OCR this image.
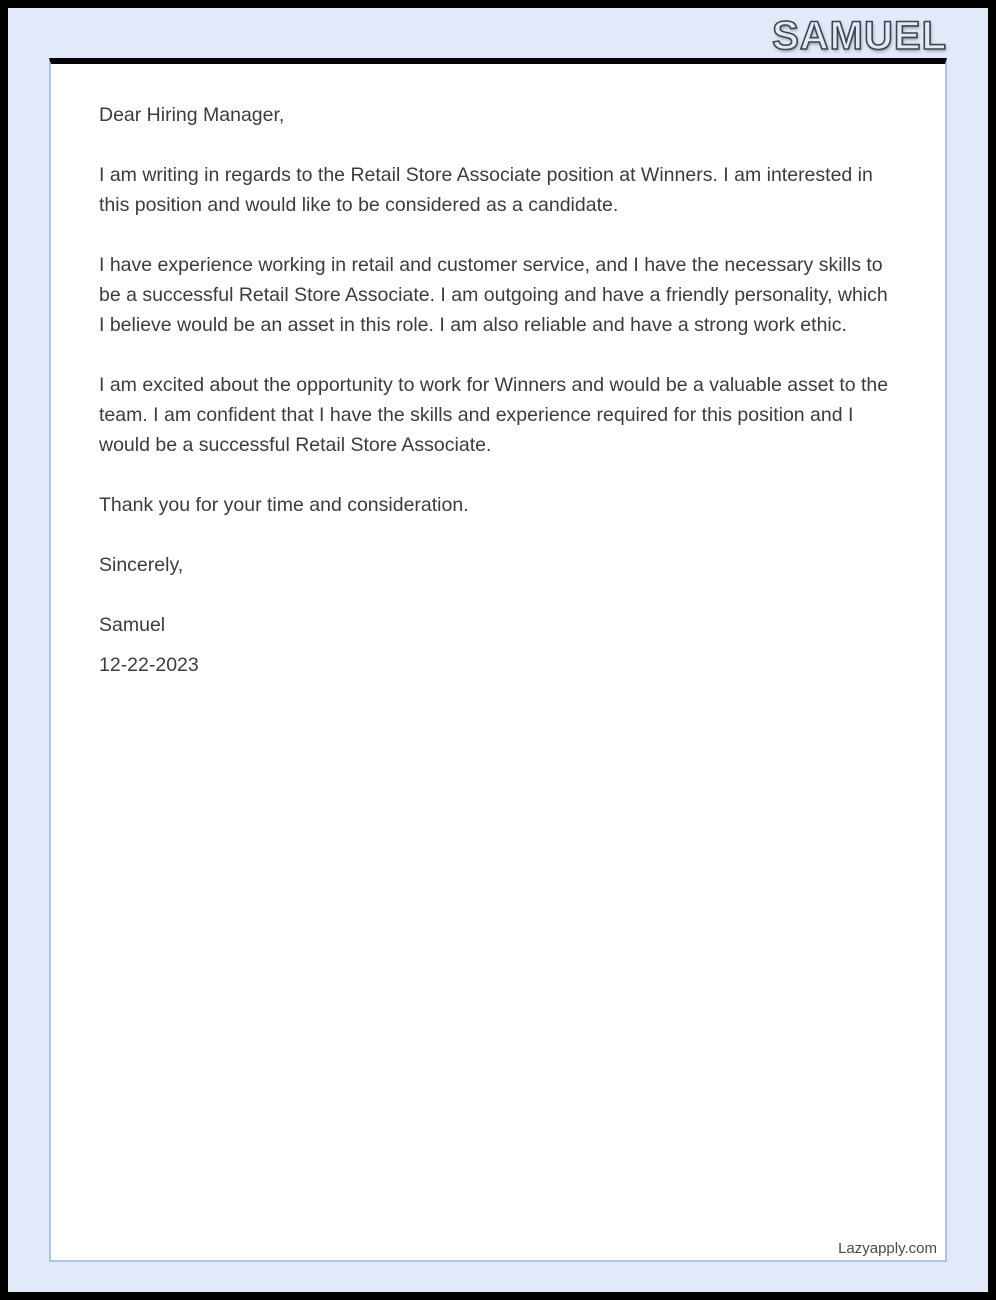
SAMUEL

Dear Hiring Manager,

I am writing in regards to the Retail Store Associate position at Winners. I am interested in this position and would like to be considered as a candidate.

I have experience working in retail and customer service, and I have the necessary skills to be a successful Retail Store Associate. I am outgoing and have a friendly personality, which I believe would be an asset in this role. I am also reliable and have a strong work ethic.

I am excited about the opportunity to work for Winners and would be a valuable asset to the team. I am confident that I have the skills and experience required for this position and I would be a successful Retail Store Associate.

Thank you for your time and consideration.

Sincerely,

Samuel

12-22-2023

Lazyapply.com
